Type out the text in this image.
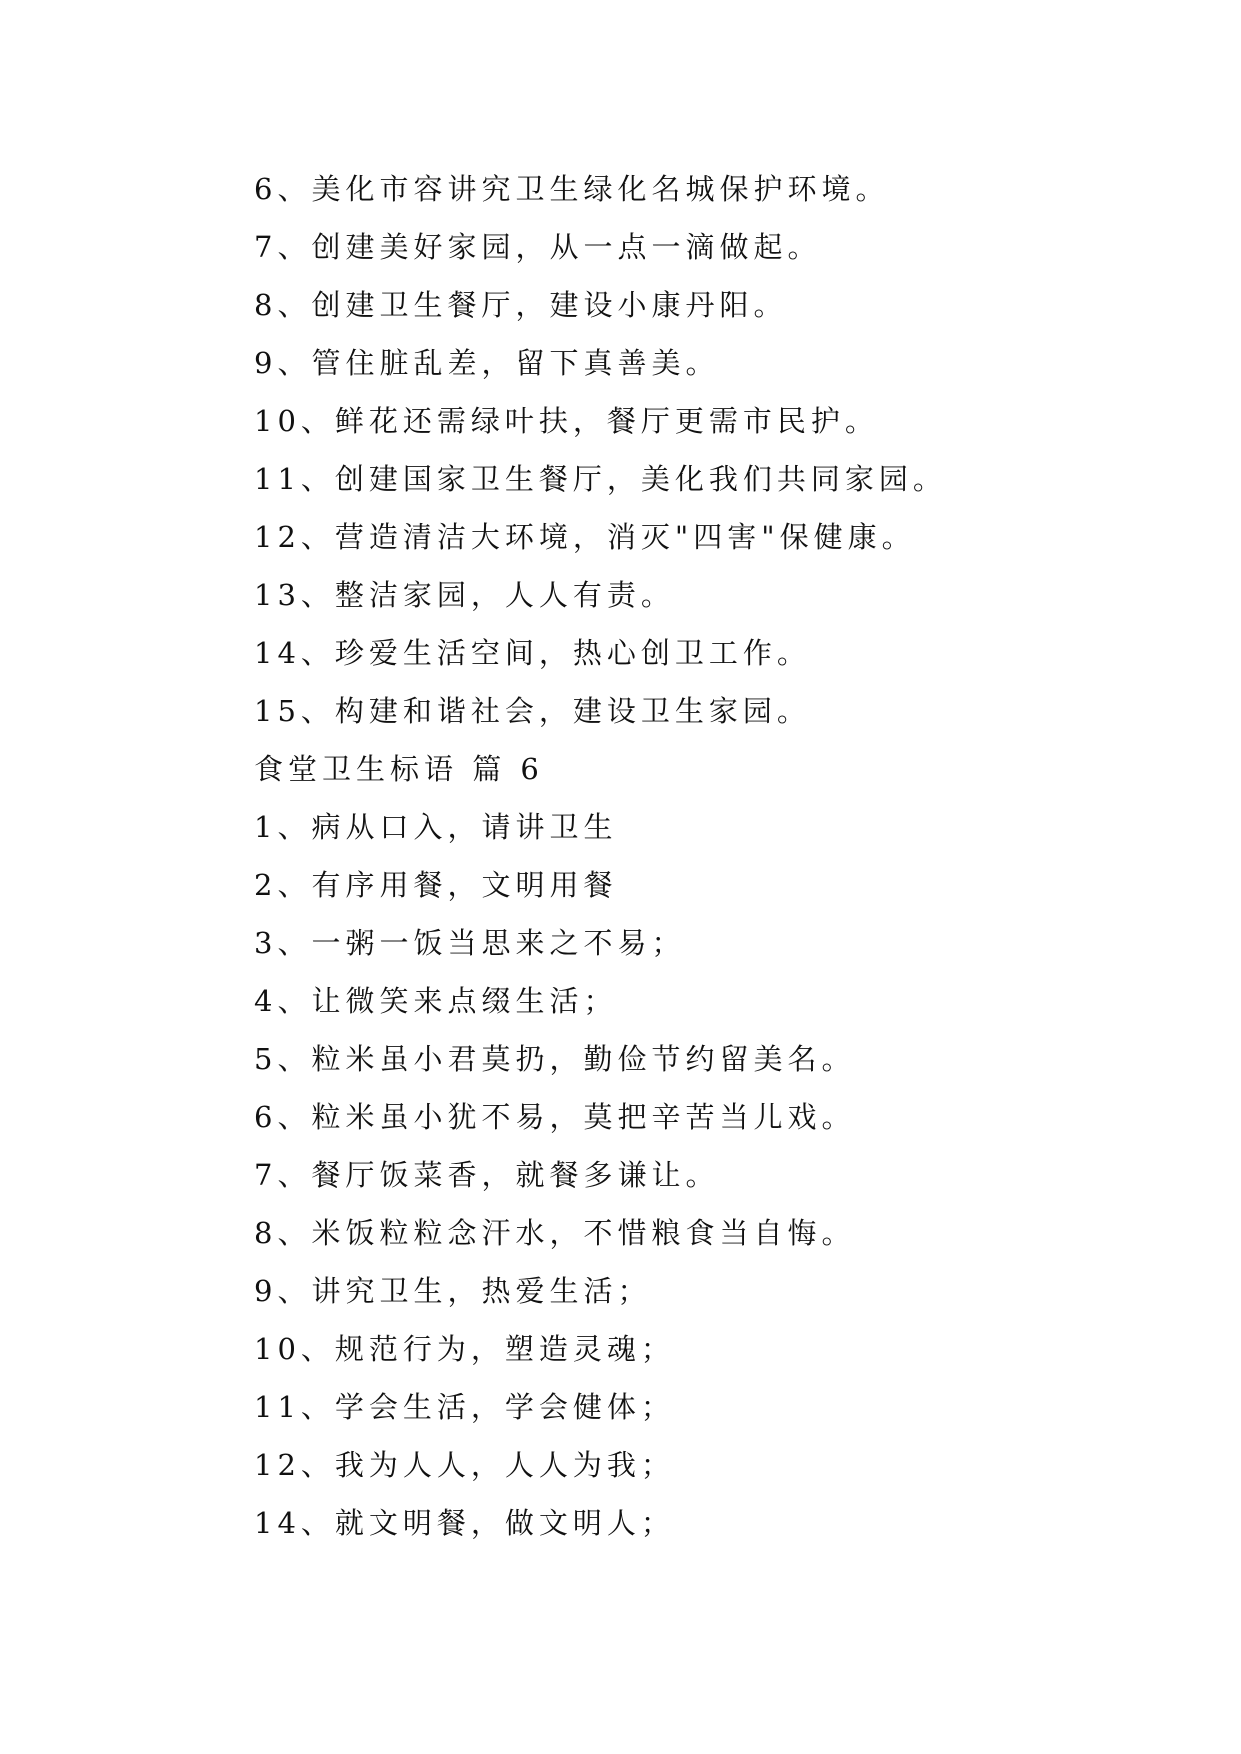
6、美化市容讲究卫生绿化名城保护环境。
7、创建美好家园，从一点一滴做起。
8、创建卫生餐厅，建设小康丹阳。
9、管住脏乱差，留下真善美。
10、鲜花还需绿叶扶，餐厅更需市民护。
11、创建国家卫生餐厅，美化我们共同家园。
12、营造清洁大环境，消灭"四害"保健康。
13、整洁家园，人人有责。
14、珍爱生活空间，热心创卫工作。
15、构建和谐社会，建设卫生家园。
食堂卫生标语 篇 6
1、病从口入，请讲卫生
2、有序用餐，文明用餐
3、一粥一饭当思来之不易；
4、让微笑来点缀生活；
5、粒米虽小君莫扔，勤俭节约留美名。
6、粒米虽小犹不易，莫把辛苦当儿戏。
7、餐厅饭菜香，就餐多谦让。
8、米饭粒粒念汗水，不惜粮食当自悔。
9、讲究卫生，热爱生活；
10、规范行为，塑造灵魂；
11、学会生活，学会健体；
12、我为人人，人人为我；
14、就文明餐，做文明人；
